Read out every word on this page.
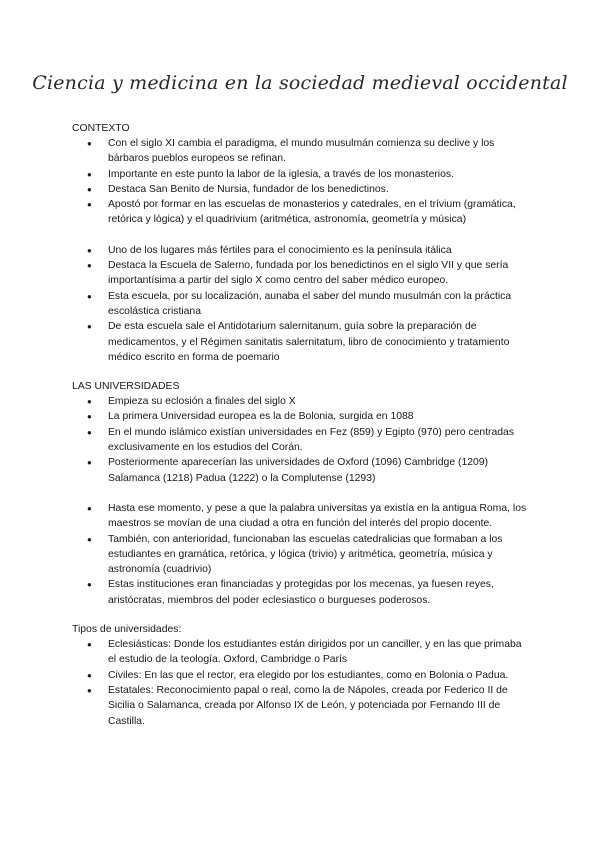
Ciencia y medicina en la sociedad medieval occidental

CONTEXTO

● Con el siglo XI cambia el paradigma, el mundo musulmán comienza su declive y los bárbaros pueblos europeos se refinan.
● Importante en este punto la labor de la iglesia, a través de los monasterios.
● Destaca San Benito de Nursia, fundador de los benedictinos.
● Apostó por formar en las escuelas de monasterios y catedrales, en el trívium (gramática, retórica y lógica) y el quadrivium (aritmética, astronomía, geometría y música)
● Uno de los lugares más fértiles para el conocimiento es la península itálica
● Destaca la Escuela de Salerno, fundada por los benedictinos en el siglo VII y que sería importantísima a partir del siglo X como centro del saber médico europeo.
● Esta escuela, por su localización, aunaba el saber del mundo musulmán con la práctica escolástica cristiana
● De esta escuela sale el Antidotarium salernitanum, guía sobre la preparación de medicamentos, y el Régimen sanitatis salernitatum, libro de conocimiento y tratamiento médico escrito en forma de poemario

LAS UNIVERSIDADES

● Empieza su eclosión a finales del siglo X
● La primera Universidad europea es la de Bolonia, surgida en 1088
● En el mundo islámico existían universidades en Fez (859) y Egipto (970) pero centradas exclusivamente en los estudios del Corán.
● Posteriormente aparecerían las universidades de Oxford (1096) Cambridge (1209) Salamanca (1218) Padua (1222) o la Complutense (1293)
● Hasta ese momento, y pese a que la palabra universitas ya existía en la antigua Roma, los maestros se movían de una ciudad a otra en función del interés del propio docente.
● También, con anterioridad, funcionaban las escuelas catedralicias que formaban a los estudiantes en gramática, retórica, y lógica (trivio) y aritmética, geometría, música y astronomía (cuadrivio)
● Estas instituciones eran financiadas y protegidas por los mecenas, ya fuesen reyes, aristócratas, miembros del poder eclesiastico o burgueses poderosos.

Tipos de universidades:

● Eclesiásticas: Donde los estudiantes están dirigidos por un canciller, y en las que primaba el estudio de la teología. Oxford, Cambridge o París
● Civiles: En las que el rector, era elegido por los estudiantes, como en Bolonia o Padua.
● Estatales: Reconocimiento papal o real, como la de Nápoles, creada por Federico II de Sicilia o Salamanca, creada por Alfonso IX de León, y potenciada por Fernando III de Castilla.
